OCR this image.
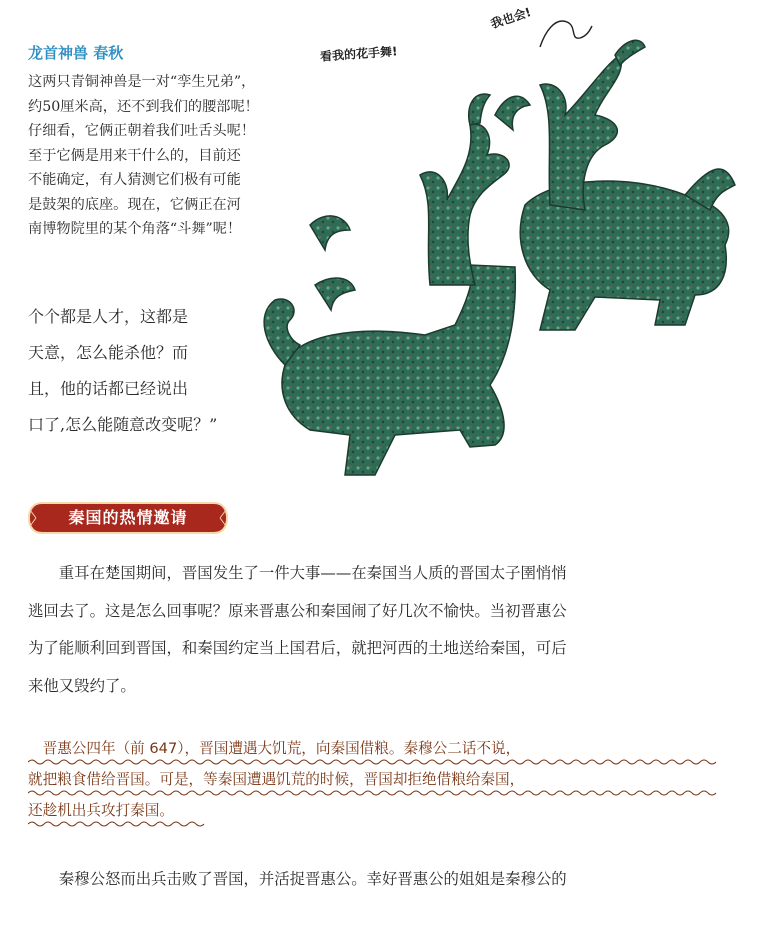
龙首神兽 春秋
这两只青铜神兽是一对“孪生兄弟”，
约50厘米高，还不到我们的腰部呢！
仔细看，它俩正朝着我们吐舌头呢！
至于它俩是用来干什么的，目前还
不能确定，有人猜测它们极有可能
是鼓架的底座。现在，它俩正在河
南博物院里的某个角落“斗舞”呢！
看我的花手舞!
我也会!
个个都是人才，这都是
天意，怎么能杀他？而
且，他的话都已经说出
口了,怎么能随意改变呢？”
秦国的热情邀请
　　重耳在楚国期间，晋国发生了一件大事——在秦国当人质的晋国太子圉悄悄
逃回去了。这是怎么回事呢？原来晋惠公和秦国闹了好几次不愉快。当初晋惠公
为了能顺利回到晋国，和秦国约定当上国君后，就把河西的土地送给秦国，可后
来他又毁约了。
　晋惠公四年（前 647），晋国遭遇大饥荒，向秦国借粮。秦穆公二话不说，
就把粮食借给晋国。可是，等秦国遭遇饥荒的时候，晋国却拒绝借粮给秦国，
还趁机出兵攻打秦国。
　　秦穆公怒而出兵击败了晋国，并活捉晋惠公。幸好晋惠公的姐姐是秦穆公的
